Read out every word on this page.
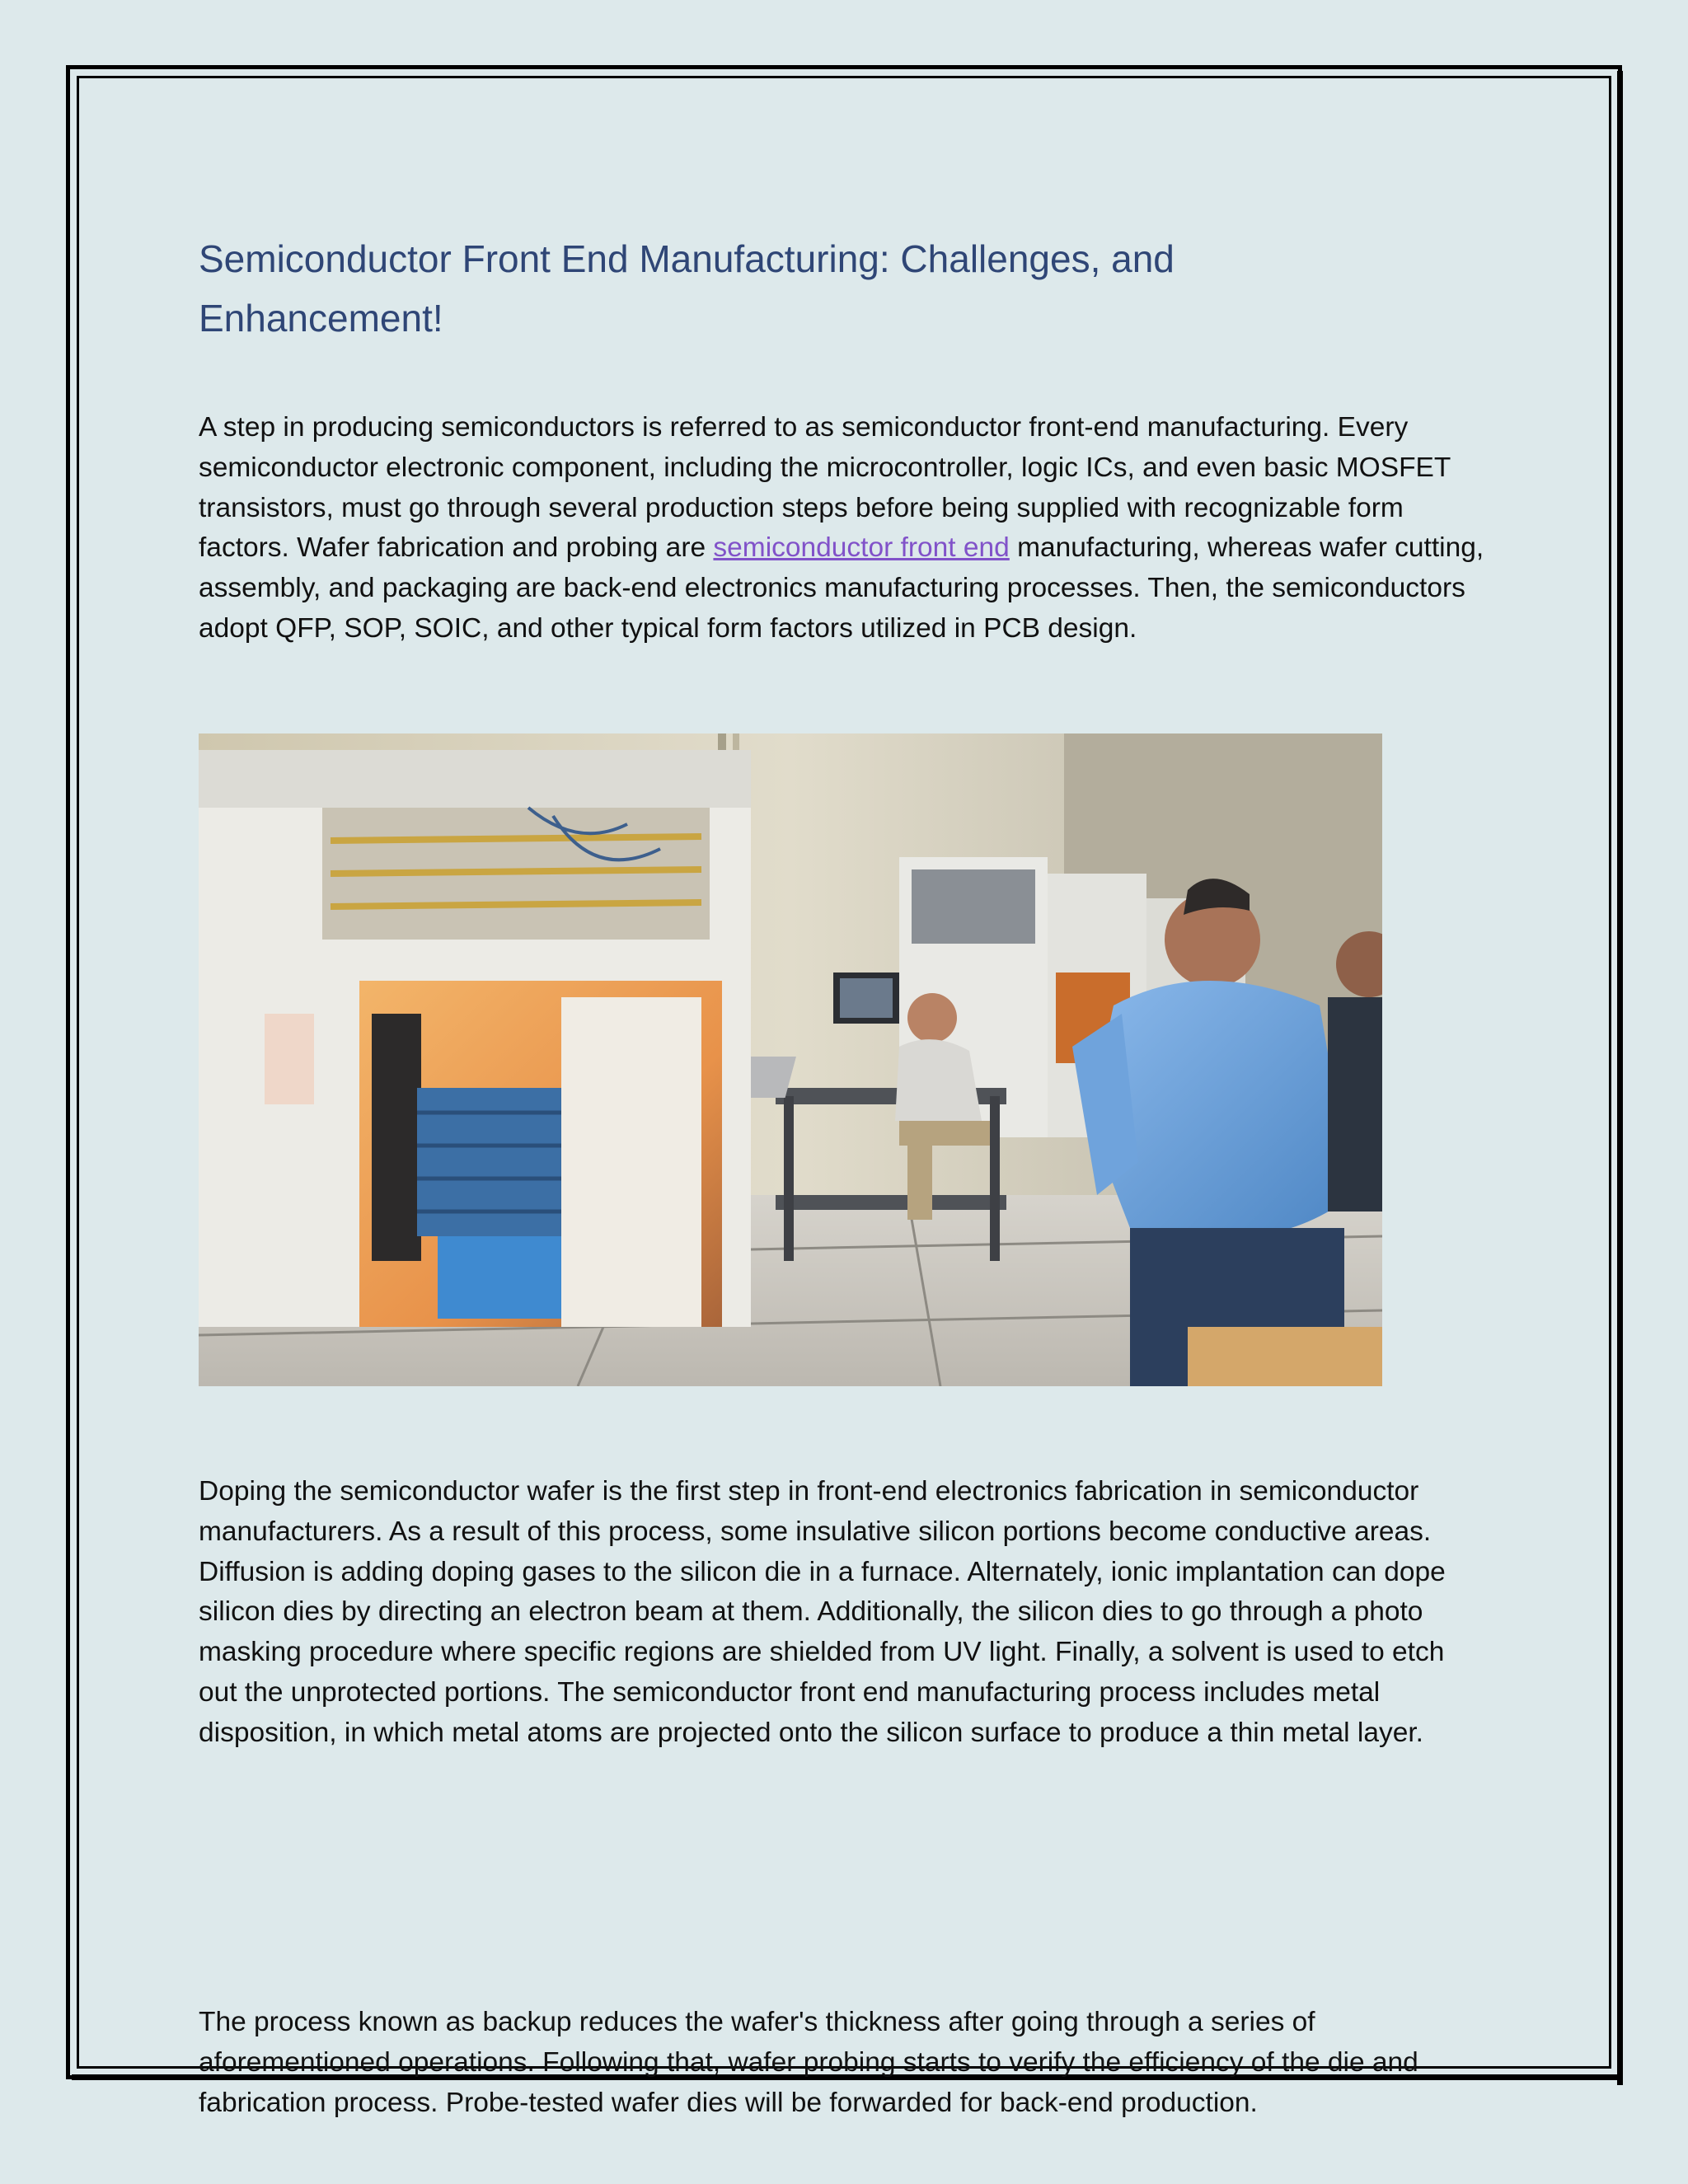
Semiconductor Front End Manufacturing: Challenges, and Enhancement!

A step in producing semiconductors is referred to as semiconductor front-end manufacturing. Every semiconductor electronic component, including the microcontroller, logic ICs, and even basic MOSFET transistors, must go through several production steps before being supplied with recognizable form factors. Wafer fabrication and probing are semiconductor front end manufacturing, whereas wafer cutting, assembly, and packaging are back-end electronics manufacturing processes. Then, the semiconductors adopt QFP, SOP, SOIC, and other typical form factors utilized in PCB design.

Doping the semiconductor wafer is the first step in front-end electronics fabrication in semiconductor manufacturers. As a result of this process, some insulative silicon portions become conductive areas. Diffusion is adding doping gases to the silicon die in a furnace. Alternately, ionic implantation can dope silicon dies by directing an electron beam at them. Additionally, the silicon dies to go through a photo masking procedure where specific regions are shielded from UV light. Finally, a solvent is used to etch out the unprotected portions. The semiconductor front end manufacturing process includes metal disposition, in which metal atoms are projected onto the silicon surface to produce a thin metal layer.

The process known as backup reduces the wafer's thickness after going through a series of aforementioned operations. Following that, wafer probing starts to verify the efficiency of the die and fabrication process. Probe-tested wafer dies will be forwarded for back-end production.
